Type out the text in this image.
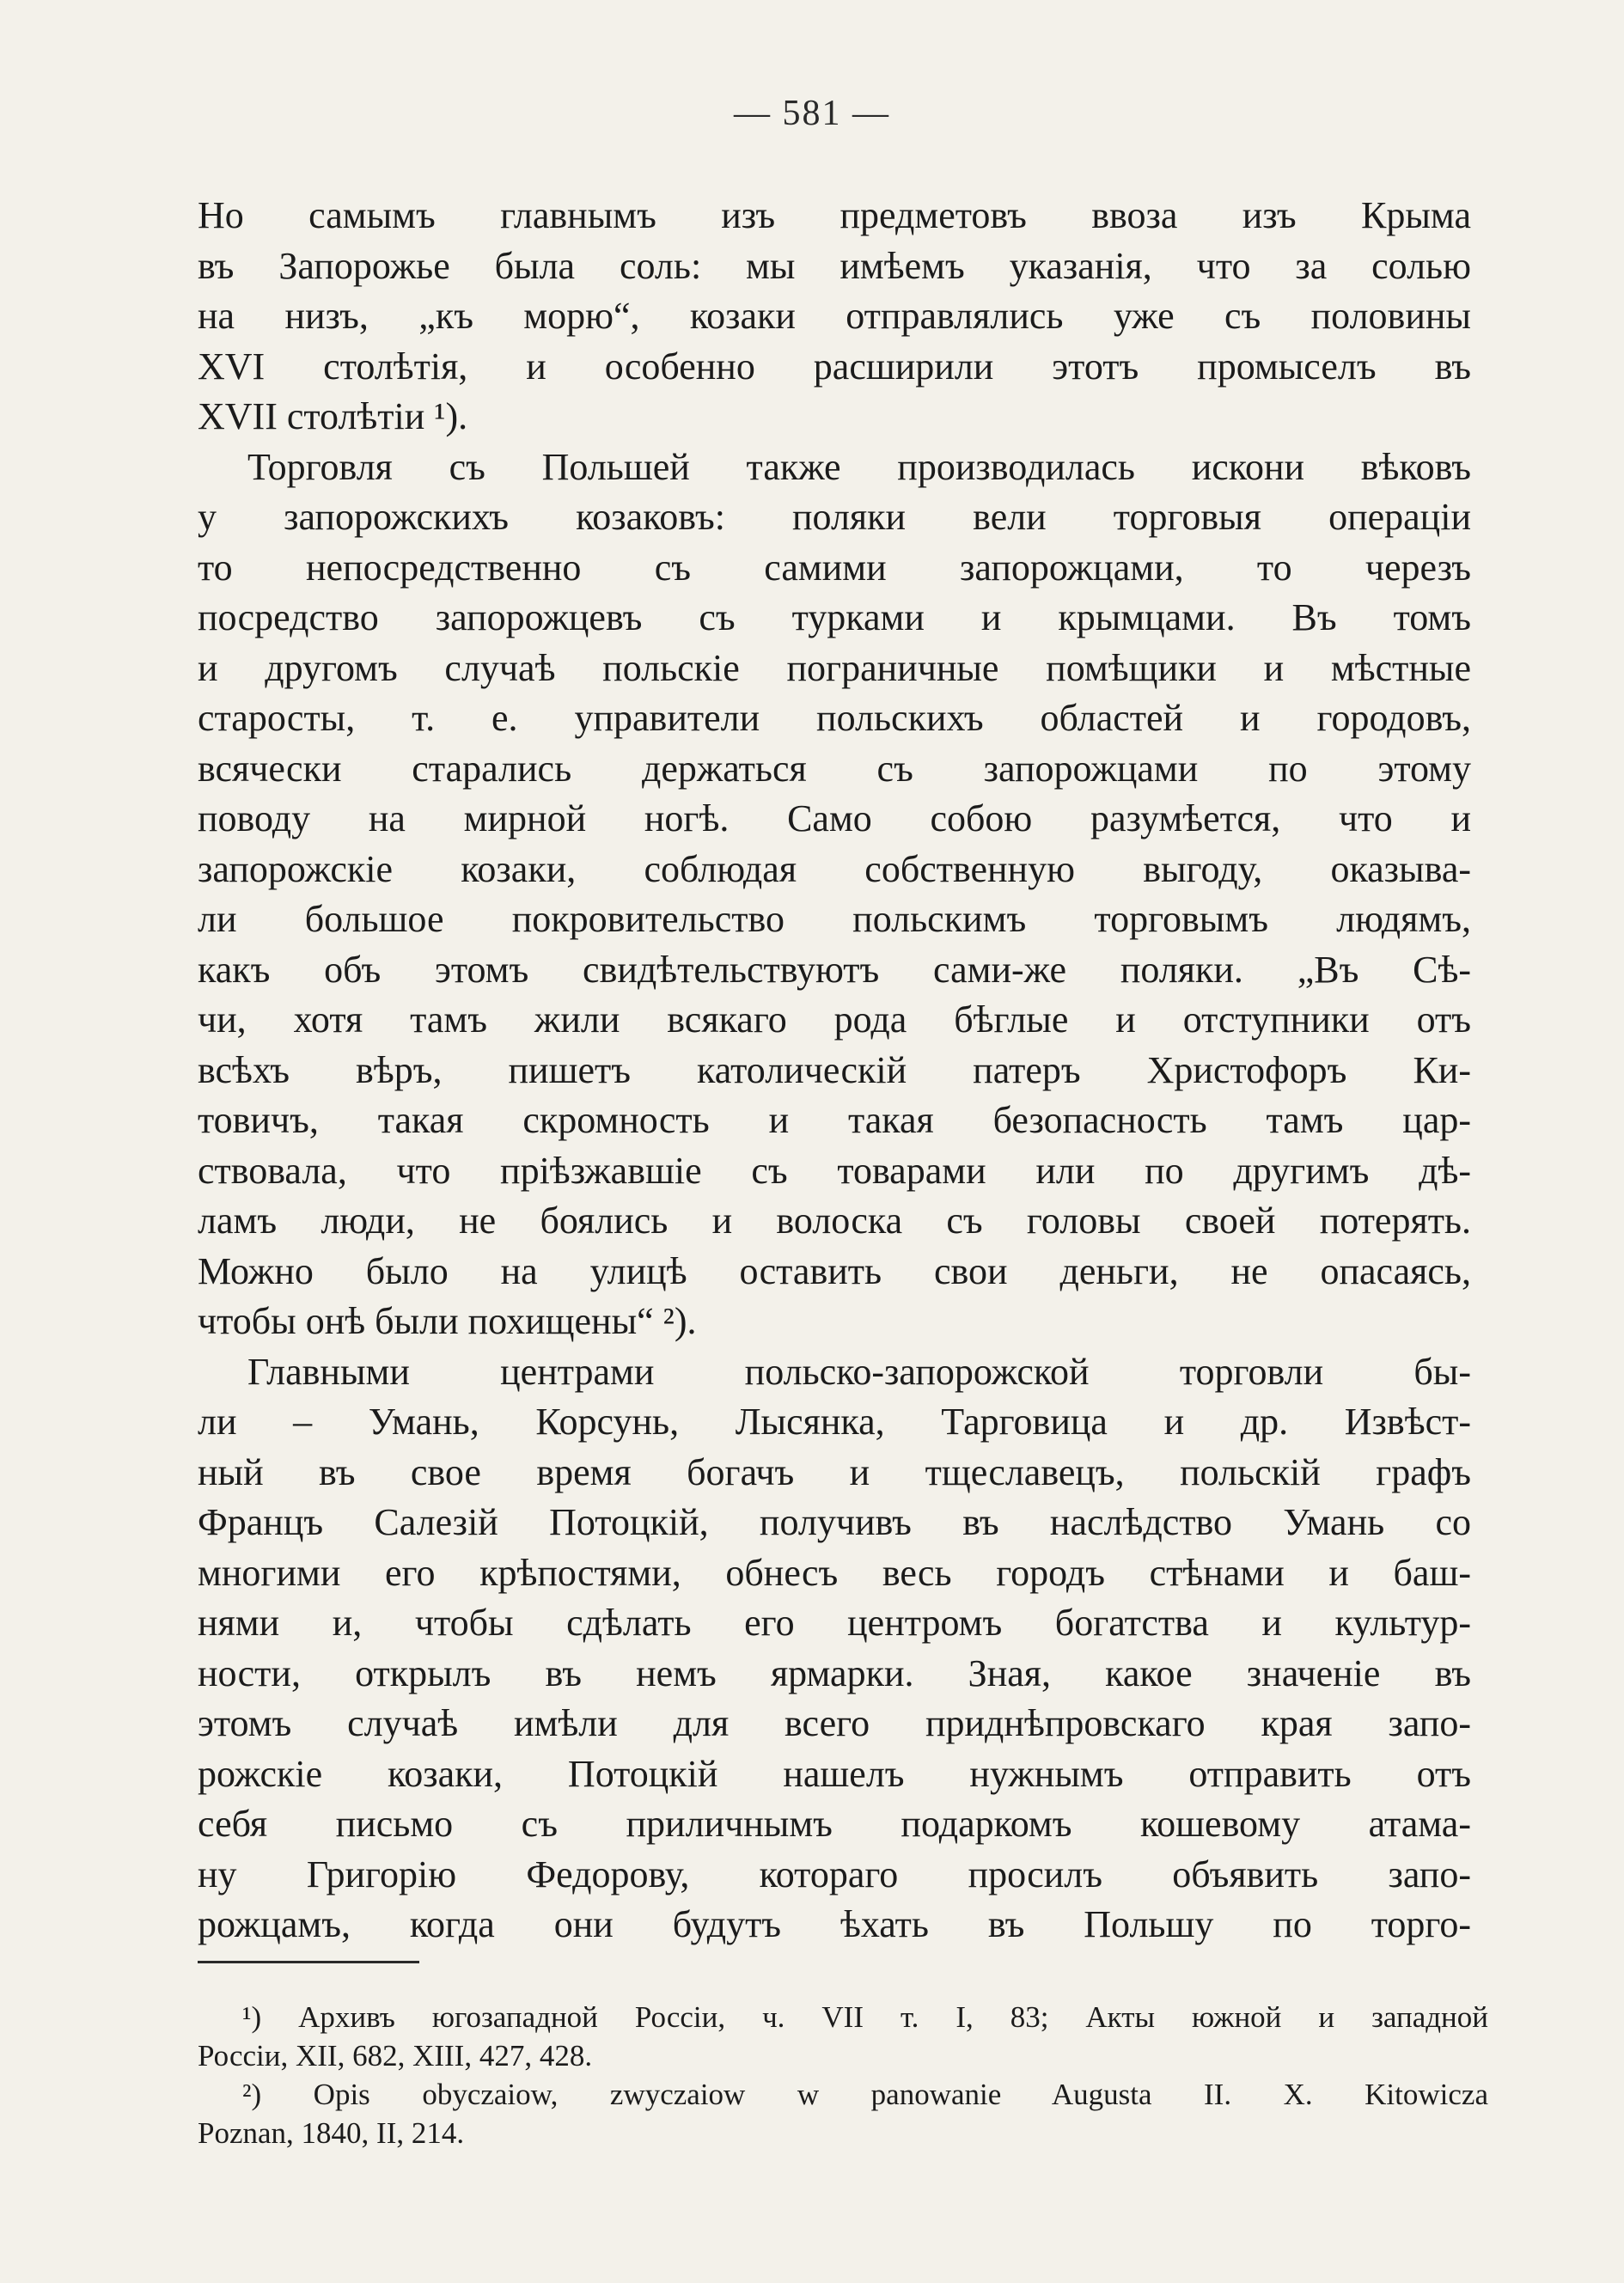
— 581 —
Но самымъ главнымъ изъ предметовъ ввоза изъ Крыма
въ Запорожье была соль: мы имѣемъ указанія, что за солью
на низъ, „къ морю“, козаки отправлялись уже съ половины
XVI столѣтія, и особенно расширили этотъ промыселъ въ
XVII столѣтіи ¹).
Торговля съ Польшей также производилась искони вѣковъ
у запорожскихъ козаковъ: поляки вели торговыя операціи
то непосредственно съ самими запорожцами, то черезъ
посредство запорожцевъ съ турками и крымцами. Въ томъ
и другомъ случаѣ польскіе пограничные помѣщики и мѣстные
старосты, т. е. управители польскихъ областей и городовъ,
всячески старались держаться съ запорожцами по этому
поводу на мирной ногѣ. Само собою разумѣется, что и
запорожскіе козаки, соблюдая собственную выгоду, оказыва-
ли большое покровительство польскимъ торговымъ людямъ,
какъ объ этомъ свидѣтельствуютъ сами-же поляки. „Въ Сѣ-
чи, хотя тамъ жили всякаго рода бѣглые и отступники отъ
всѣхъ вѣръ, пишетъ католическій патеръ Христофоръ Ки-
товичъ, такая скромность и такая безопасность тамъ цар-
ствовала, что пріѣзжавшіе съ товарами или по другимъ дѣ-
ламъ люди, не боялись и волоска съ головы своей потерять.
Можно было на улицѣ оставить свои деньги, не опасаясь,
чтобы онѣ были похищены“ ²).
Главными центрами польско-запорожской торговли бы-
ли – Умань, Корсунь, Лысянка, Тарговица и др. Извѣст-
ный въ свое время богачъ и тщеславецъ, польскій графъ
Францъ Салезій Потоцкій, получивъ въ наслѣдство Умань со
многими его крѣпостями, обнесъ весь городъ стѣнами и баш-
нями и, чтобы сдѣлать его центромъ богатства и культур-
ности, открылъ въ немъ ярмарки. Зная, какое значеніе въ
этомъ случаѣ имѣли для всего приднѣпровскаго края запо-
рожскіе козаки, Потоцкій нашелъ нужнымъ отправить отъ
себя письмо съ приличнымъ подаркомъ кошевому атама-
ну Григорію Федорову, котораго просилъ объявить запо-
рожцамъ, когда они будутъ ѣхать въ Польшу по торго-
¹) Архивъ югозападной Россіи, ч. VII т. I, 83; Акты южной и западной
Россіи, XII, 682, XIII, 427, 428.
²) Opis obyczaiow, zwyczaiow w panowanie Augusta II. X. Kitowicza
Poznan, 1840, II, 214.
